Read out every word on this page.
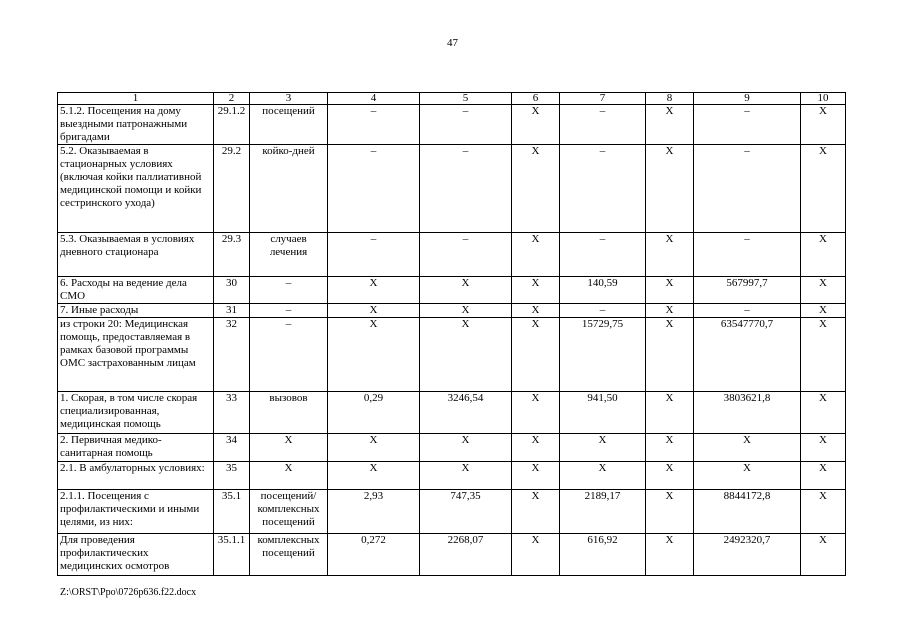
47
1	2	3	4	5	6	7	8	9	10
5.1.2. Посещения на дому выездными патронажными бригадами	29.1.2	посещений	–	–	Х	–	Х	–	Х
5.2. Оказываемая в стационарных условиях (включая койки паллиативной медицинской помощи и койки сестринского ухода)	29.2	койко-дней	–	–	Х	–	Х	–	Х
5.3. Оказываемая в условиях дневного стационара	29.3	случаев лечения	–	–	Х	–	Х	–	Х
6. Расходы на ведение дела СМО	30	–	Х	Х	Х	140,59	Х	567997,7	Х
7. Иные расходы	31	–	Х	Х	Х	–	Х	–	Х
из строки 20: Медицинская помощь, предоставляемая в рамках базовой программы ОМС застрахованным лицам	32	–	Х	Х	Х	15729,75	Х	63547770,7	Х
1. Скорая, в том числе скорая специализированная, медицинская помощь	33	вызовов	0,29	3246,54	Х	941,50	Х	3803621,8	Х
2. Первичная медико-санитарная помощь	34	Х	Х	Х	Х	Х	Х	Х	Х
2.1. В амбулаторных условиях:	35	Х	Х	Х	Х	Х	Х	Х	Х
2.1.1. Посещения с профилактическими и иными целями, из них:	35.1	посещений/ комплексных посещений	2,93	747,35	Х	2189,17	Х	8844172,8	Х
Для проведения профилактических медицинских осмотров	35.1.1	комплексных посещений	0,272	2268,07	Х	616,92	Х	2492320,7	Х
Z:\ORST\Ppo\0726p636.f22.docx
